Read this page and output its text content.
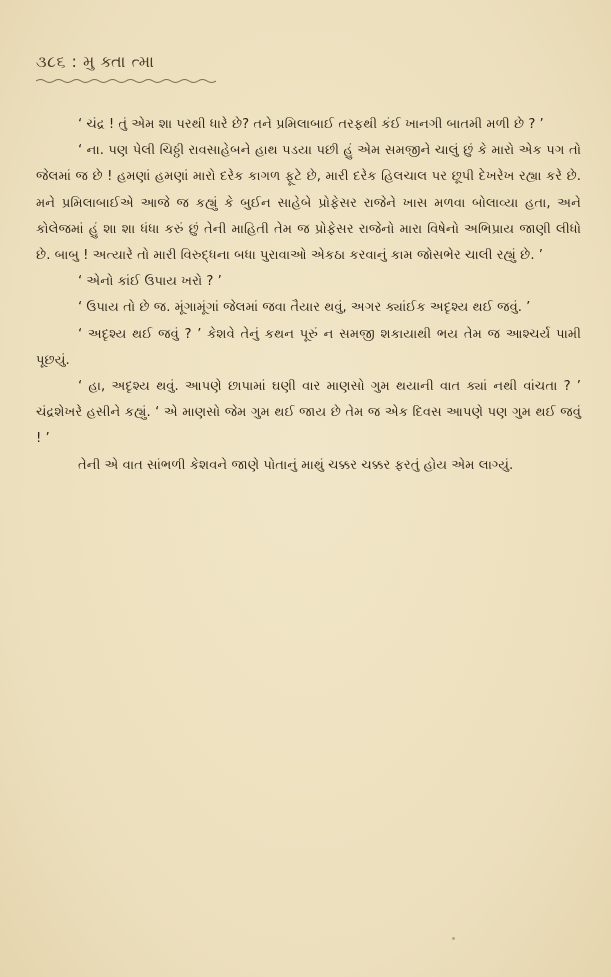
૩૮૬ : મુ ક્તા ત્મા

‘ ચંદ્ર ! તું એમ શા પરથી ધારે છે? તને પ્રમિલાબાઈ તરફથી કંઈ ખાનગી બાતમી મળી છે ? ’

‘ ના. પણ પેલી ચિઠ્ઠી રાવસાહેબને હાથ પડયા પછી હું એમ સમજીને ચાલું છું કે મારો એક પગ તો જેલમાં જ છે ! હમણાં હમણાં મારો દરેક કાગળ ફૂટે છે, મારી દરેક હિલચાલ પર છૂપી દેખરેખ રહ્યા કરે છે. મને પ્રમિલાબાઈએ આજે જ કહ્યું કે બુઈન સાહેબે પ્રોફેસર રાજેને ખાસ મળવા બોલાવ્યા હતા, અને કોલેજમાં હું શા શા ધંધા કરું છું તેની માહિતી તેમ જ પ્રોફેસર રાજેનો મારા વિષેનો અભિપ્રાય જાણી લીધો છે. બાબુ ! અત્યારે તો મારી વિરુદ્ધના બધા પુરાવાઓ એકઠા કરવાનું કામ જોસભેર ચાલી રહ્યું છે. ’

‘ એનો કાંઈ ઉપાય ખરો ? ’

‘ ઉપાય તો છે જ. મૂંગામૂંગાં જેલમાં જવા તૈયાર થવું, અગર ક્યાંઈક અદૃશ્ય થઈ જવું. ’

‘ અદૃશ્ય થઈ જવું ? ’ કેશવે તેનું કથન પૂરું ન સમજી શકાયાથી ભય તેમ જ આશ્ચર્ય પામી પૂછયું.

‘ હા, અદૃશ્ય થવું. આપણે છાપામાં ઘણી વાર માણસો ગુમ થયાની વાત ક્યાં નથી વાંચતા ? ’ ચંદ્રશેખરે હસીને કહ્યું. ‘ એ માણસો જેમ ગુમ થઈ જાય છે તેમ જ એક દિવસ આપણે પણ ગુમ થઈ જવું ! ’

તેની એ વાત સાંભળી કેશવને જાણે પોતાનું માથું ચક્કર ચક્કર ફરતું હોય એમ લાગ્યું.
